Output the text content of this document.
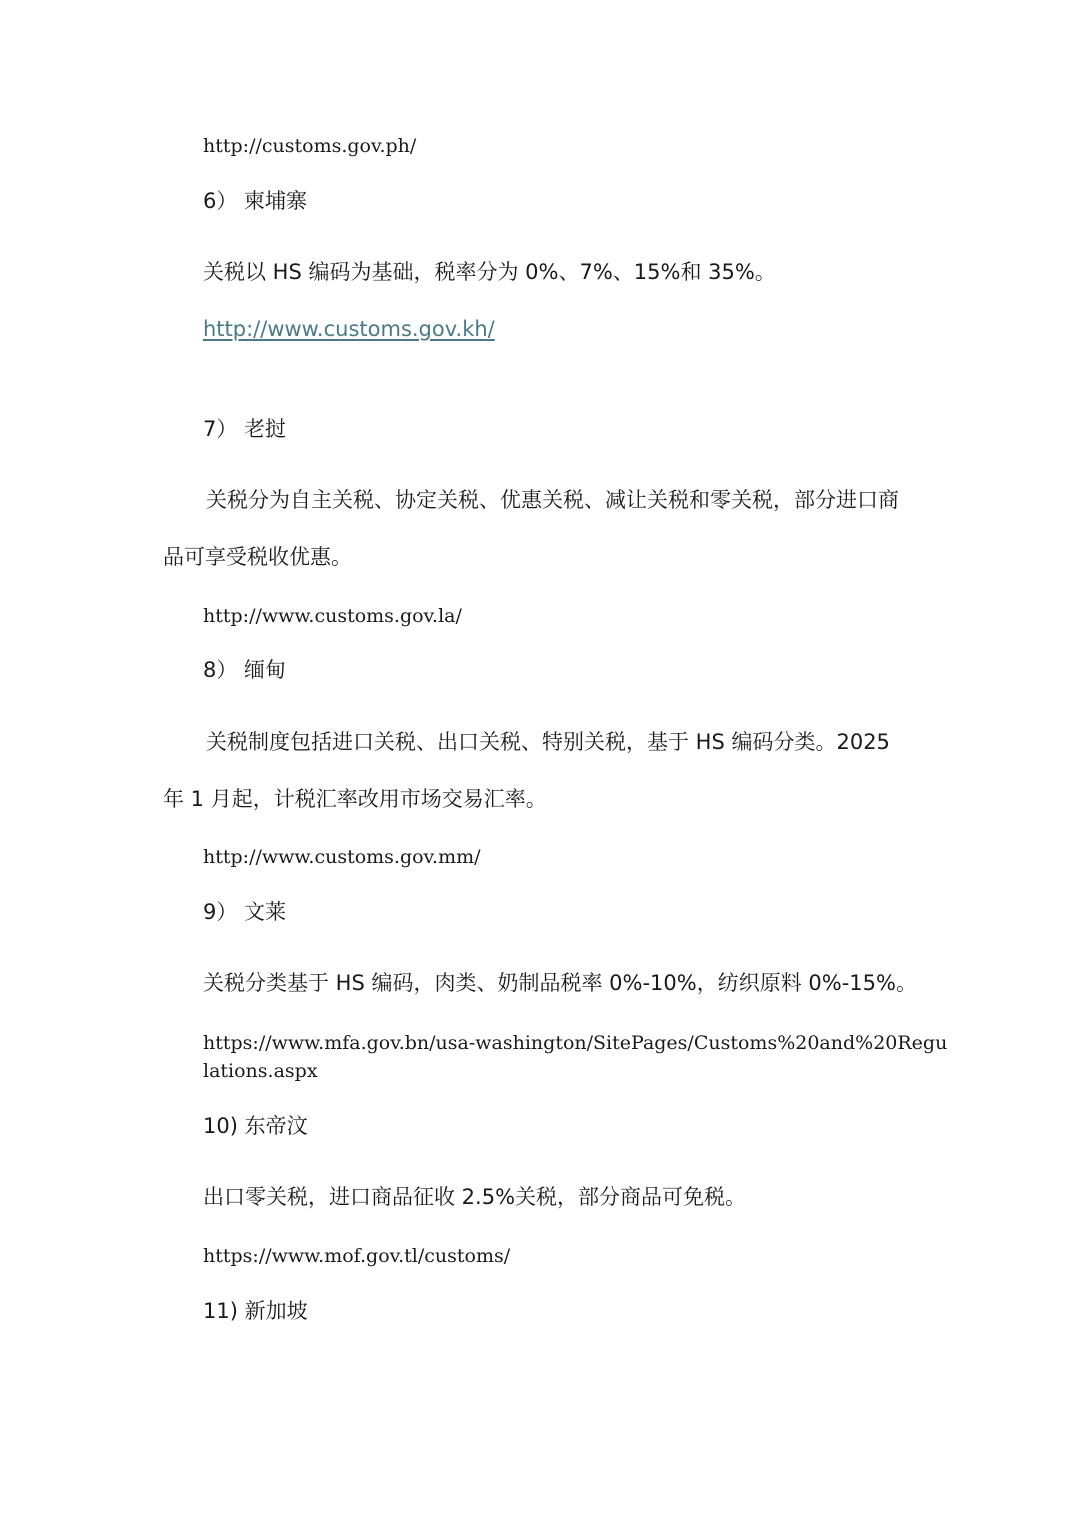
http://customs.gov.ph/
6） 柬埔寨
关税以 HS 编码为基础，税率分为 0%、7%、15%和 35%。
http://www.customs.gov.kh/
7） 老挝
关税分为自主关税、协定关税、优惠关税、减让关税和零关税，部分进口商
品可享受税收优惠。
http://www.customs.gov.la/
8） 缅甸
关税制度包括进口关税、出口关税、特别关税，基于 HS 编码分类。2025
年 1 月起，计税汇率改用市场交易汇率。
http://www.customs.gov.mm/
9） 文莱
关税分类基于 HS 编码，肉类、奶制品税率 0%-10%，纺织原料 0%-15%。
https://www.mfa.gov.bn/usa-washington/SitePages/Customs%20and%20Regu
lations.aspx
10) 东帝汶
出口零关税，进口商品征收 2.5%关税，部分商品可免税。
https://www.mof.gov.tl/customs/
11) 新加坡
